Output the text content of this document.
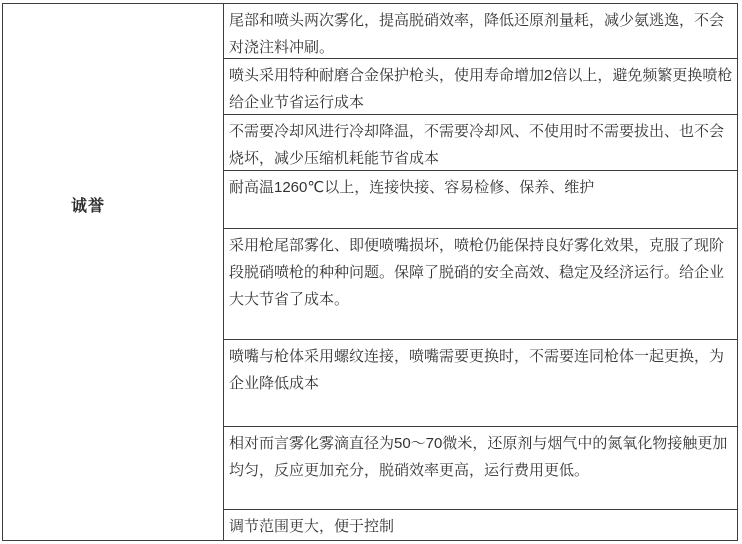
诚誉
尾部和喷头两次雾化，提高脱硝效率，降低还原剂量耗，减少氨逃逸，不会对浇注料冲刷。
喷头采用特种耐磨合金保护枪头，使用寿命增加2倍以上，避免频繁更换喷枪给企业节省运行成本
不需要冷却风进行冷却降温，不需要冷却风、不使用时不需要拔出、也不会烧坏，减少压缩机耗能节省成本
耐高温1260℃以上，连接快接、容易检修、保养、维护
采用枪尾部雾化、即便喷嘴损坏，喷枪仍能保持良好雾化效果，克服了现阶段脱硝喷枪的种种问题。保障了脱硝的安全高效、稳定及经济运行。给企业大大节省了成本。
喷嘴与枪体采用螺纹连接，喷嘴需要更换时，不需要连同枪体一起更换，为企业降低成本
相对而言雾化雾滴直径为50～70微米，还原剂与烟气中的氮氧化物接触更加均匀，反应更加充分，脱硝效率更高，运行费用更低。
调节范围更大，便于控制
